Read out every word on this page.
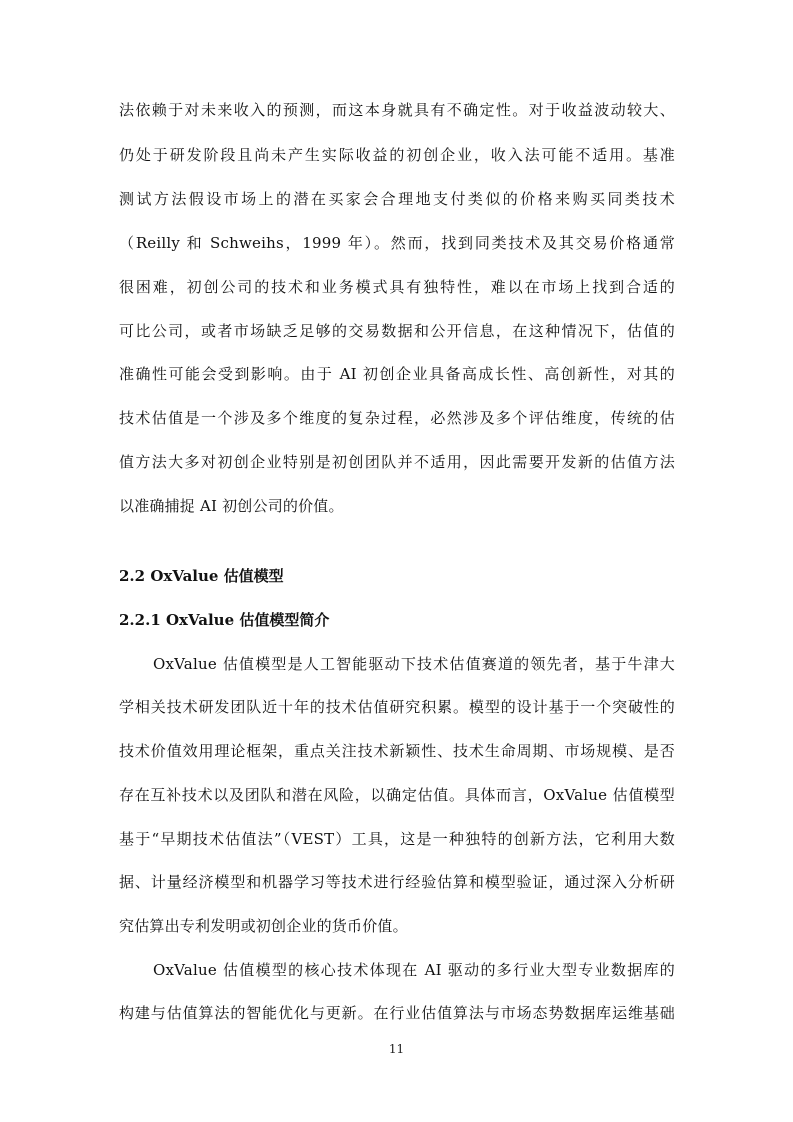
法依赖于对未来收入的预测，而这本身就具有不确定性。对于收益波动较大、
仍处于研发阶段且尚未产生实际收益的初创企业，收入法可能不适用。基准
测试方法假设市场上的潜在买家会合理地支付类似的价格来购买同类技术
（Reilly 和 Schweihs，1999 年）。然而，找到同类技术及其交易价格通常
很困难，初创公司的技术和业务模式具有独特性，难以在市场上找到合适的
可比公司，或者市场缺乏足够的交易数据和公开信息，在这种情况下，估值的
准确性可能会受到影响。由于 AI 初创企业具备高成长性、高创新性，对其的
技术估值是一个涉及多个维度的复杂过程，必然涉及多个评估维度，传统的估
值方法大多对初创企业特别是初创团队并不适用，因此需要开发新的估值方法
以准确捕捉 AI 初创公司的价值。
2.2 OxValue 估值模型
2.2.1 OxValue 估值模型简介
OxValue 估值模型是人工智能驱动下技术估值赛道的领先者，基于牛津大
学相关技术研发团队近十年的技术估值研究积累。模型的设计基于一个突破性的
技术价值效用理论框架，重点关注技术新颖性、技术生命周期、市场规模、是否
存在互补技术以及团队和潜在风险，以确定估值。具体而言，OxValue 估值模型
基于“早期技术估值法”（VEST）工具，这是一种独特的创新方法，它利用大数
据、计量经济模型和机器学习等技术进行经验估算和模型验证，通过深入分析研
究估算出专利发明或初创企业的货币价值。
OxValue 估值模型的核心技术体现在 AI 驱动的多行业大型专业数据库的
构建与估值算法的智能优化与更新。在行业估值算法与市场态势数据库运维基础
11
